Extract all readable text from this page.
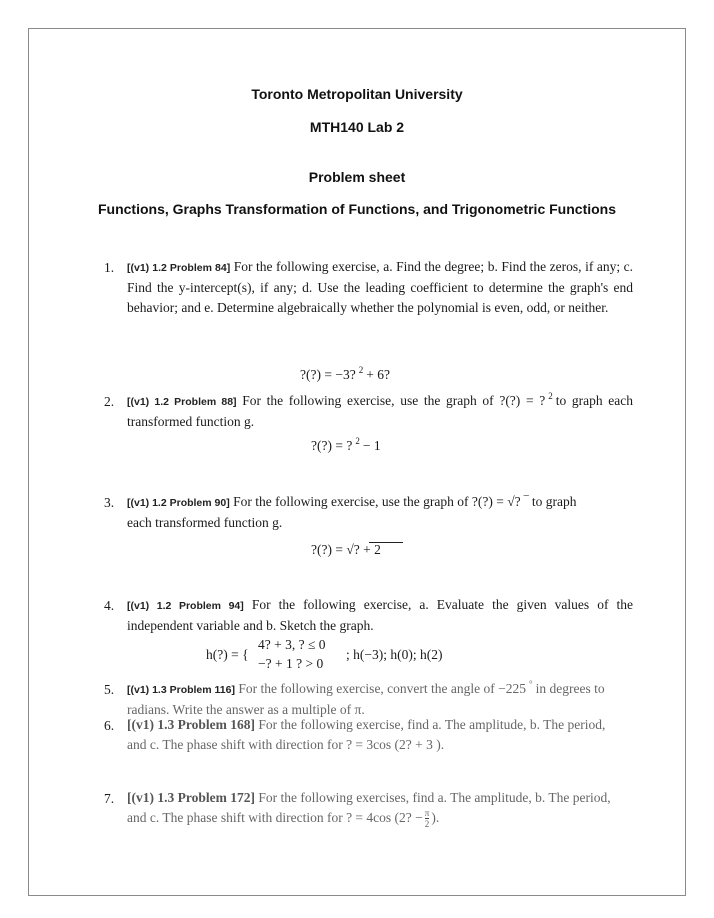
Toronto Metropolitan University
MTH140 Lab 2
Problem sheet
Functions, Graphs Transformation of Functions, and Trigonometric Functions
1. [(v1) 1.2 Problem 84] For the following exercise, a. Find the degree; b. Find the zeros, if any; c. Find the y-intercept(s), if any; d. Use the leading coefficient to determine the graph's end behavior; and e. Determine algebraically whether the polynomial is even, odd, or neither.
?(?) = −3? $^2$ + 6?
2. [(v1) 1.2 Problem 88] For the following exercise, use the graph of ?(?) = ? $^2$ to graph each transformed function g.
?(?) = ? $^2$ − 1
3. [(v1) 1.2 Problem 90] For the following exercise, use the graph of ?(?) = √? ‾ to graph
each transformed function g.
?(?) = √? + 2
4. [(v1) 1.2 Problem 94] For the following exercise, a. Evaluate the given values of the independent variable and b. Sketch the graph.
h(?) = {
4? + 3, ? ≤ 0
−? + 1 ? > 0
; h(−3); h(0); h(2)
5. [(v1) 1.3 Problem 116] For the following exercise, convert the angle of −225 ° in degrees to
radians. Write the answer as a multiple of π.
6. [(v1) 1.3 Problem 168] For the following exercise, find a. The amplitude, b. The period,
and c. The phase shift with direction for ? = 3cos (2? + 3 ).
7. [(v1) 1.3 Problem 172] For the following exercises, find a. The amplitude, b. The period,
and c. The phase shift with direction for ? = 4cos (2? − $\frac{\pi}{2}$ ).
